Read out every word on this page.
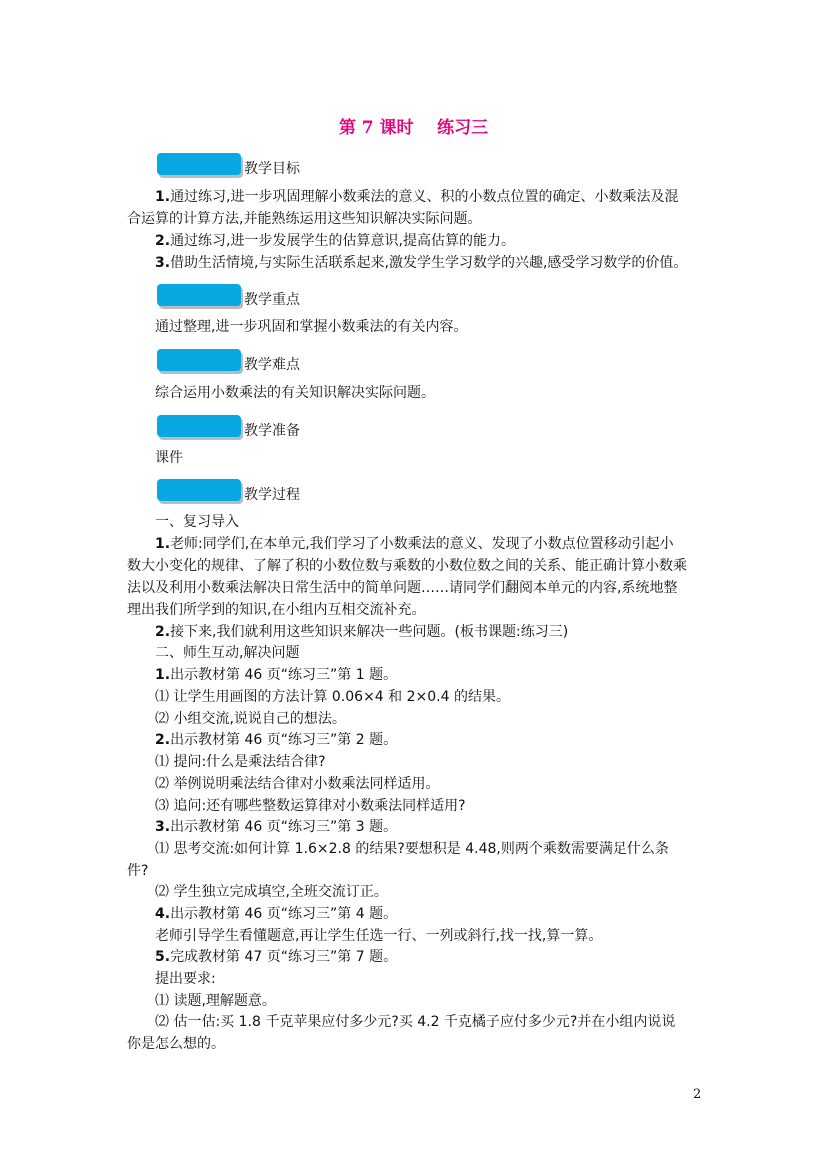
第 7 课时    练习三
教学目标
1.通过练习,进一步巩固理解小数乘法的意义、积的小数点位置的确定、小数乘法及混
合运算的计算方法,并能熟练运用这些知识解决实际问题。
2.通过练习,进一步发展学生的估算意识,提高估算的能力。
3.借助生活情境,与实际生活联系起来,激发学生学习数学的兴趣,感受学习数学的价值。
教学重点
通过整理,进一步巩固和掌握小数乘法的有关内容。
教学难点
综合运用小数乘法的有关知识解决实际问题。
教学准备
课件
教学过程
一、复习导入
1.老师:同学们,在本单元,我们学习了小数乘法的意义、发现了小数点位置移动引起小
数大小变化的规律、了解了积的小数位数与乘数的小数位数之间的关系、能正确计算小数乘
法以及利用小数乘法解决日常生活中的简单问题……请同学们翻阅本单元的内容,系统地整
理出我们所学到的知识,在小组内互相交流补充。
2.接下来,我们就利用这些知识来解决一些问题。(板书课题:练习三)
二、师生互动,解决问题
1.出示教材第 46 页“练习三”第 1 题。
⑴ 让学生用画图的方法计算 0.06×4 和 2×0.4 的结果。
⑵ 小组交流,说说自己的想法。
2.出示教材第 46 页“练习三”第 2 题。
⑴ 提问:什么是乘法结合律?
⑵ 举例说明乘法结合律对小数乘法同样适用。
⑶ 追问:还有哪些整数运算律对小数乘法同样适用?
3.出示教材第 46 页“练习三”第 3 题。
⑴ 思考交流:如何计算 1.6×2.8 的结果?要想积是 4.48,则两个乘数需要满足什么条
件?
⑵ 学生独立完成填空,全班交流订正。
4.出示教材第 46 页“练习三”第 4 题。
老师引导学生看懂题意,再让学生任选一行、一列或斜行,找一找,算一算。
5.完成教材第 47 页“练习三”第 7 题。
提出要求:
⑴ 读题,理解题意。
⑵ 估一估:买 1.8 千克苹果应付多少元?买 4.2 千克橘子应付多少元?并在小组内说说
你是怎么想的。
2
